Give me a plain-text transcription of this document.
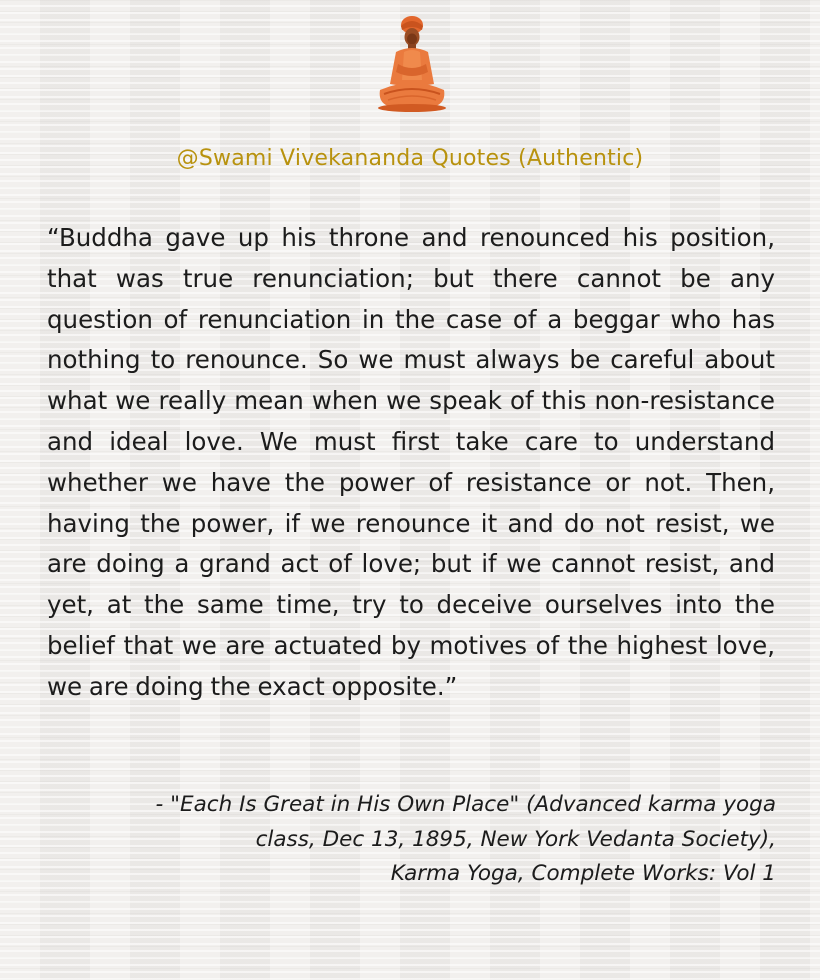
@Swami Vivekananda Quotes (Authentic)

“Buddha gave up his throne and renounced his position, that was true renunciation; but there cannot be any question of renunciation in the case of a beggar who has nothing to renounce. So we must always be careful about what we really mean when we speak of this non-resistance and ideal love. We must first take care to understand whether we have the power of resistance or not. Then, having the power, if we renounce it and do not resist, we are doing a grand act of love; but if we cannot resist, and yet, at the same time, try to deceive ourselves into the belief that we are actuated by motives of the highest love, we are doing the exact opposite.”

- "Each Is Great in His Own Place" (Advanced karma yoga
class, Dec 13, 1895, New York Vedanta Society),
Karma Yoga, Complete Works: Vol 1
